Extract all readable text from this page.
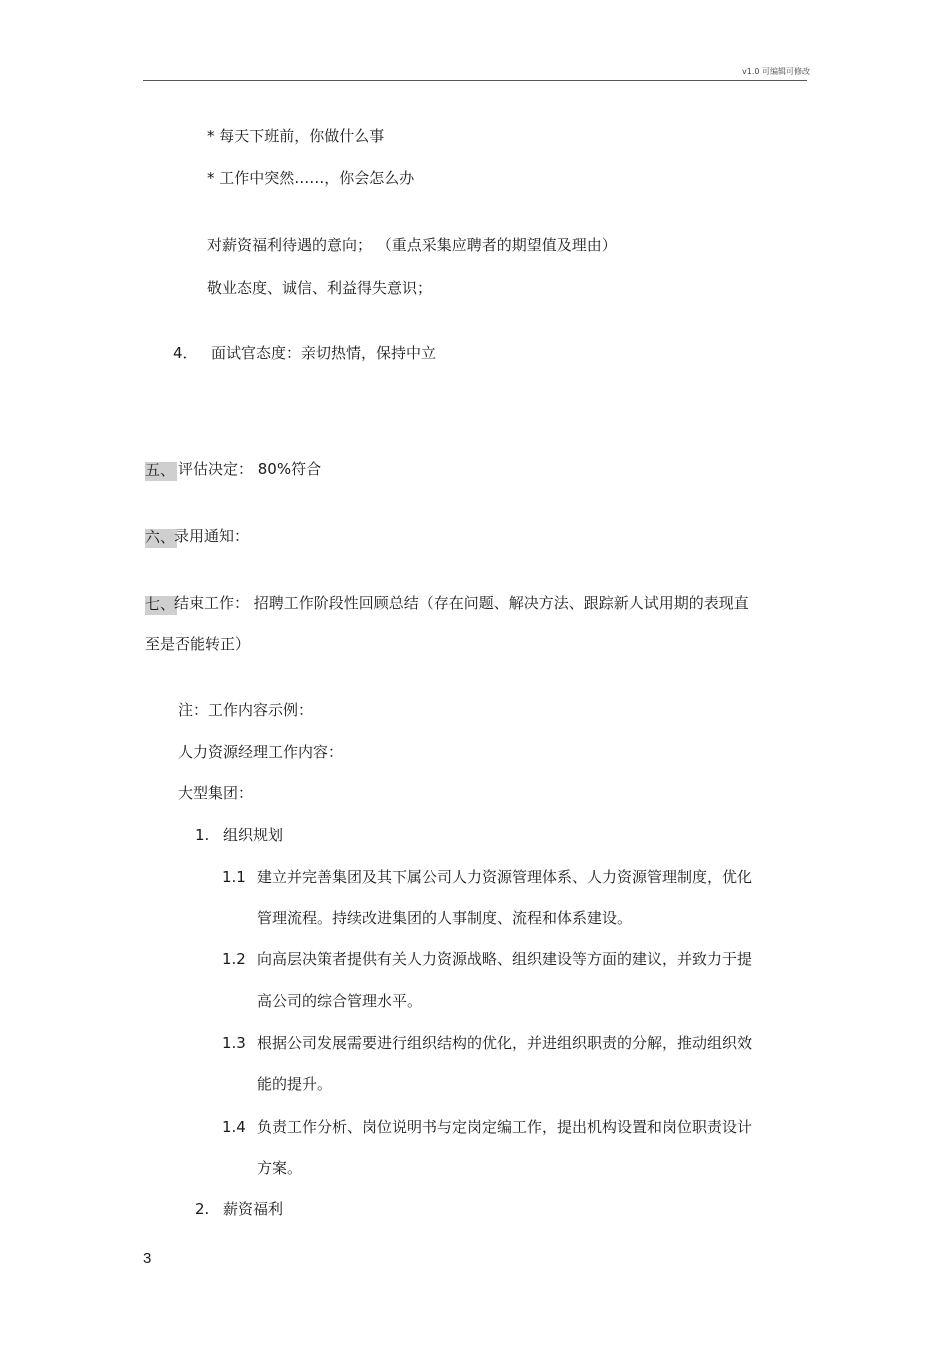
v1.0 可编辑可修改
* 每天下班前，你做什么事
* 工作中突然……，你会怎么办
对薪资福利待遇的意向； （重点采集应聘者的期望值及理由）
敬业态度、诚信、利益得失意识；
4． 面试官态度：亲切热情，保持中立
五、 评估决定： 80%符合
六、
录用通知：
七、
结束工作： 招聘工作阶段性回顾总结（存在问题、解决方法、跟踪新人试用期的表现直
至是否能转正）
注：工作内容示例：
人力资源经理工作内容：
大型集团：
1. 组织规划
1.1 建立并完善集团及其下属公司人力资源管理体系、人力资源管理制度，优化
管理流程。持续改进集团的人事制度、流程和体系建设。
1.2 向高层决策者提供有关人力资源战略、组织建设等方面的建议，并致力于提
高公司的综合管理水平。
1.3 根据公司发展需要进行组织结构的优化，并进组织职责的分解，推动组织效
能的提升。
1.4 负责工作分析、岗位说明书与定岗定编工作，提出机构设置和岗位职责设计
方案。
2. 薪资福利
3
